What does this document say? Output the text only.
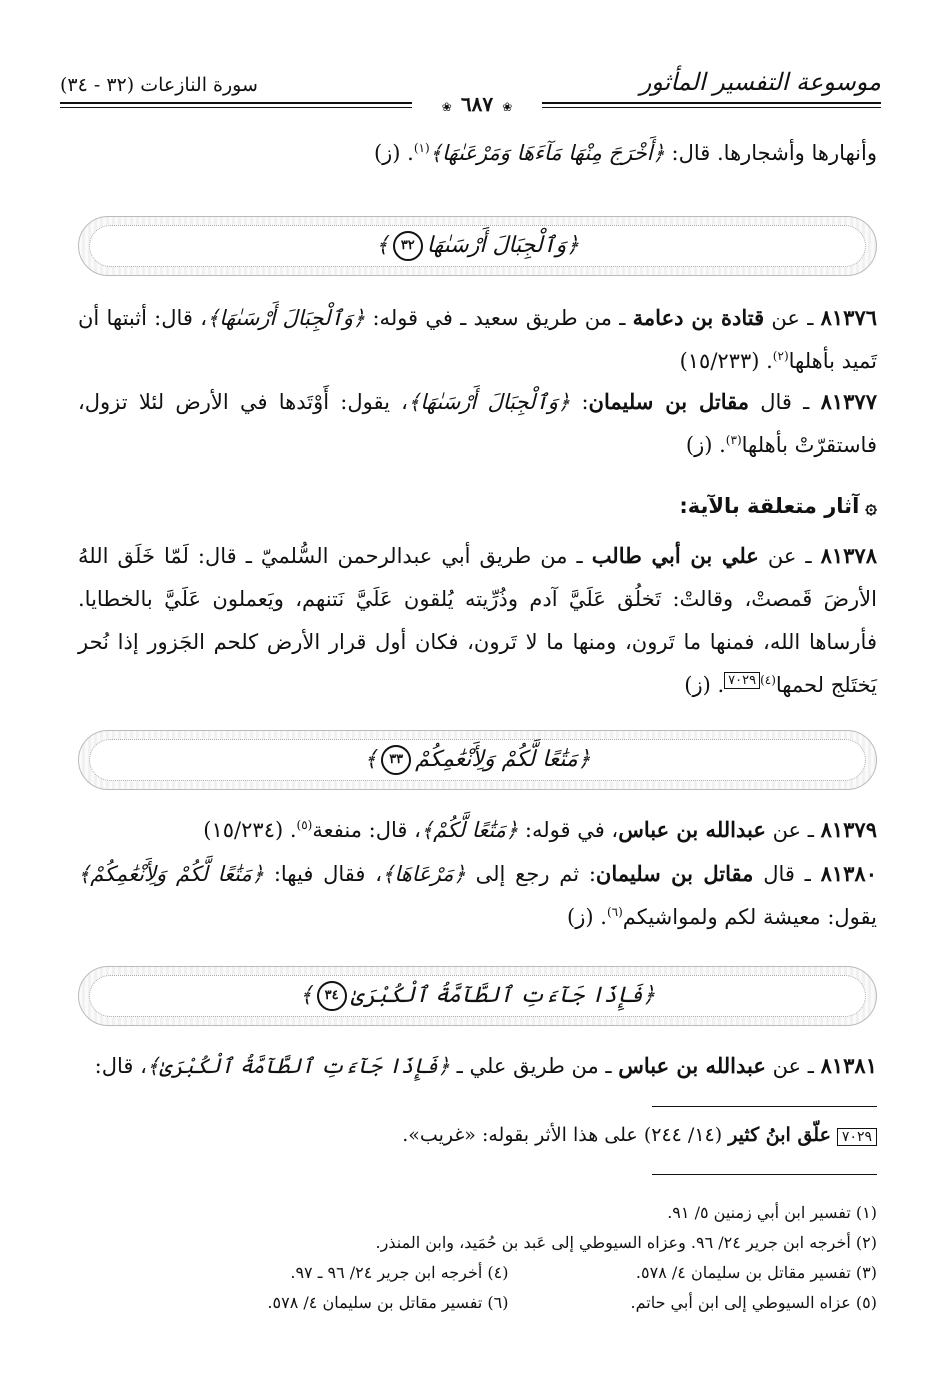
موسوعة التفسير المأثور
سورة النازعات (٣٢ - ٣٤)
❀ ٦٨٧ ❀
وأنهارها وأشجارها. قال: ﴿أَخْرَجَ مِنْهَا مَآءَهَا وَمَرْعَىٰهَا﴾$^{(١)}$. (ز)
﴿وَٱلْجِبَالَ أَرْسَىٰهَا٣٢﴾
٨١٣٧٦ ـ عن قتادة بن دعامة ـ من طريق سعيد ـ في قوله: ﴿وَٱلْجِبَالَ أَرْسَىٰهَا﴾، قال: أثبتها أن تَميد بأهلها$^{(٢)}$. (١٥/٢٣٣)
٨١٣٧٧ ـ قال مقاتل بن سليمان: ﴿وَٱلْجِبَالَ أَرْسَىٰهَا﴾، يقول: أَوْتَدها في الأرض لئلا تزول، فاستقرّتْ بأهلها$^{(٣)}$. (ز)
۞آثار متعلقة بالآية:
٨١٣٧٨ ـ عن علي بن أبي طالب ـ من طريق أبي عبدالرحمن السُّلميّ ـ قال: لَمّا خَلَق اللهُ الأرضَ قَمصتْ، وقالتْ: تَخلُق عَلَيَّ آدم وذُرِّيته يُلقون عَلَيَّ نَتنهم، ويَعملون عَلَيَّ بالخطايا. فأرساها الله، فمنها ما تَرون، ومنها ما لا تَرون، فكان أول قرار الأرض كلحم الجَزور إذا نُحر يَختَلج لحمها$^{(٤)}$٧٠٢٩. (ز)
﴿مَتَٰعًا لَّكُمْ وَلِأَنْعَٰمِكُمْ٣٣﴾
٨١٣٧٩ ـ عن عبدالله بن عباس، في قوله: ﴿مَتَٰعًا لَّكُمْ﴾، قال: منفعة$^{(٥)}$. (١٥/٢٣٤)
٨١٣٨٠ ـ قال مقاتل بن سليمان: ثم رجع إلى ﴿مَرْعَاهَا﴾، فقال فيها: ﴿مَتَٰعًا لَّكُمْ وَلِأَنْعَٰمِكُمْ﴾ يقول: معيشة لكم ولمواشيكم$^{(٦)}$. (ز)
﴿فَإِذَا جَآءَتِ ٱلطَّآمَّةُ ٱلْكُبْرَىٰ٣٤﴾
٨١٣٨١ ـ عن عبدالله بن عباس ـ من طريق علي ـ ﴿فَإِذَا جَآءَتِ ٱلطَّآمَّةُ ٱلْكُبْرَىٰ﴾، قال:
٧٠٢٩علّق ابنُ كثير (١٤/ ٢٤٤) على هذا الأثر بقوله: «غريب».
(١) تفسير ابن أبي زمنين ٥/ ٩١.
(٢) أخرجه ابن جرير ٢٤/ ٩٦. وعزاه السيوطي إلى عَبد بن حُمَيد، وابن المنذر.
(٣) تفسير مقاتل بن سليمان ٤/ ٥٧٨.
(٤) أخرجه ابن جرير ٢٤/ ٩٦ ـ ٩٧.
(٥) عزاه السيوطي إلى ابن أبي حاتم.
(٦) تفسير مقاتل بن سليمان ٤/ ٥٧٨.
